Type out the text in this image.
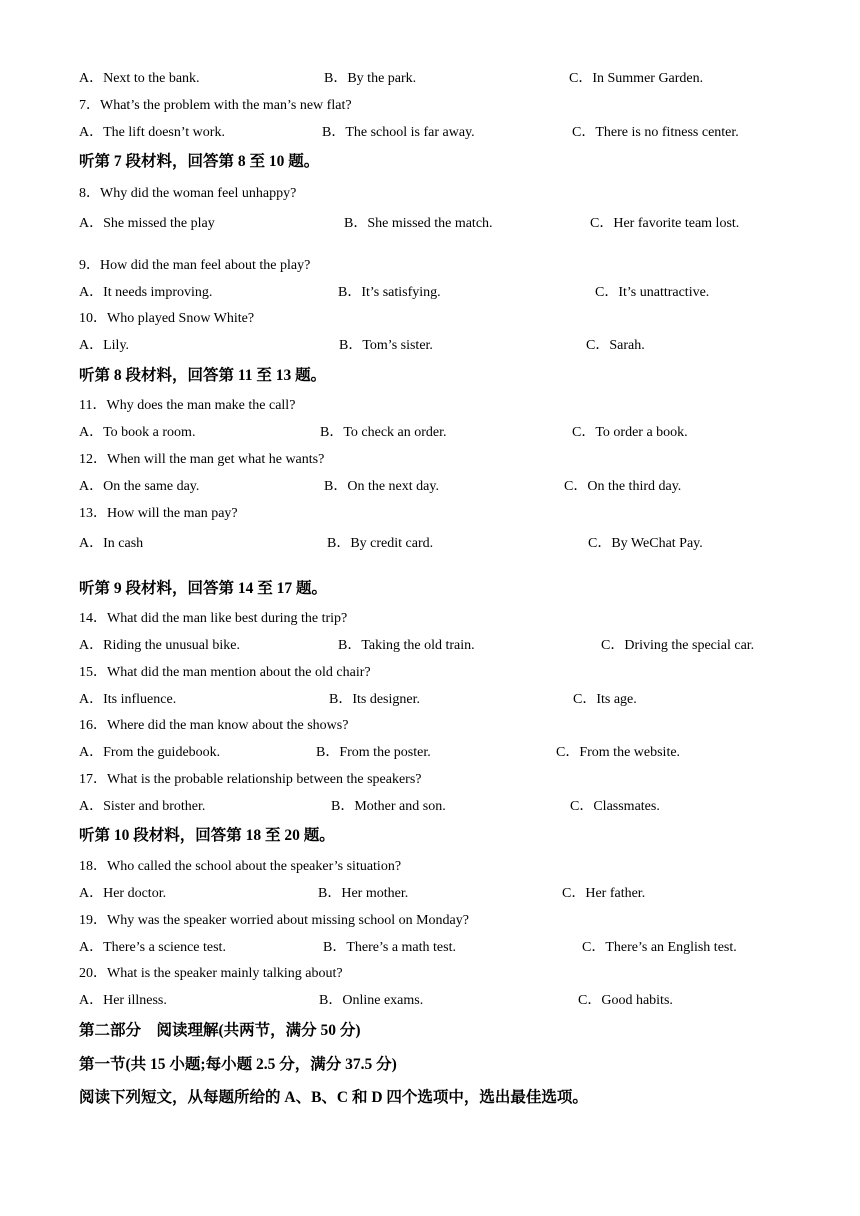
A．Next to the bank.	B．By the park.	C．In Summer Garden.
7．What’s the problem with the man’s new flat?
A．The lift doesn’t work.	B．The school is far away.	C．There is no fitness center.
听第 7 段材料，回答第 8 至 10 题。
8．Why did the woman feel unhappy?
A．She missed the play	B．She missed the match.	C．Her favorite team lost.
9．How did the man feel about the play?
A．It needs improving.	B．It’s satisfying.	C．It’s unattractive.
10．Who played Snow White?
A．Lily.	B．Tom’s sister.	C．Sarah.
听第 8 段材料，回答第 11 至 13 题。
11．Why does the man make the call?
A．To book a room.	B．To check an order.	C．To order a book.
12．When will the man get what he wants?
A．On the same day.	B．On the next day.	C．On the third day.
13．How will the man pay?
A．In cash	B．By credit card.	C．By WeChat Pay.
听第 9 段材料，回答第 14 至 17 题。
14．What did the man like best during the trip?
A．Riding the unusual bike.	B．Taking the old train.	C．Driving the special car.
15．What did the man mention about the old chair?
A．Its influence.	B．Its designer.	C．Its age.
16．Where did the man know about the shows?
A．From the guidebook.	B．From the poster.	C．From the website.
17．What is the probable relationship between the speakers?
A．Sister and brother.	B．Mother and son.	C．Classmates.
听第 10 段材料，回答第 18 至 20 题。
18．Who called the school about the speaker’s situation?
A．Her doctor.	B．Her mother.	C．Her father.
19．Why was the speaker worried about missing school on Monday?
A．There’s a science test.	B．There’s a math test.	C．There’s an English test.
20．What is the speaker mainly talking about?
A．Her illness.	B．Online exams.	C．Good habits.
第二部分　阅读理解(共两节，满分 50 分)
第一节(共 15 小题;每小题 2.5 分，满分 37.5 分)
阅读下列短文，从每题所给的 A、B、C 和 D 四个选项中，选出最佳选项。
